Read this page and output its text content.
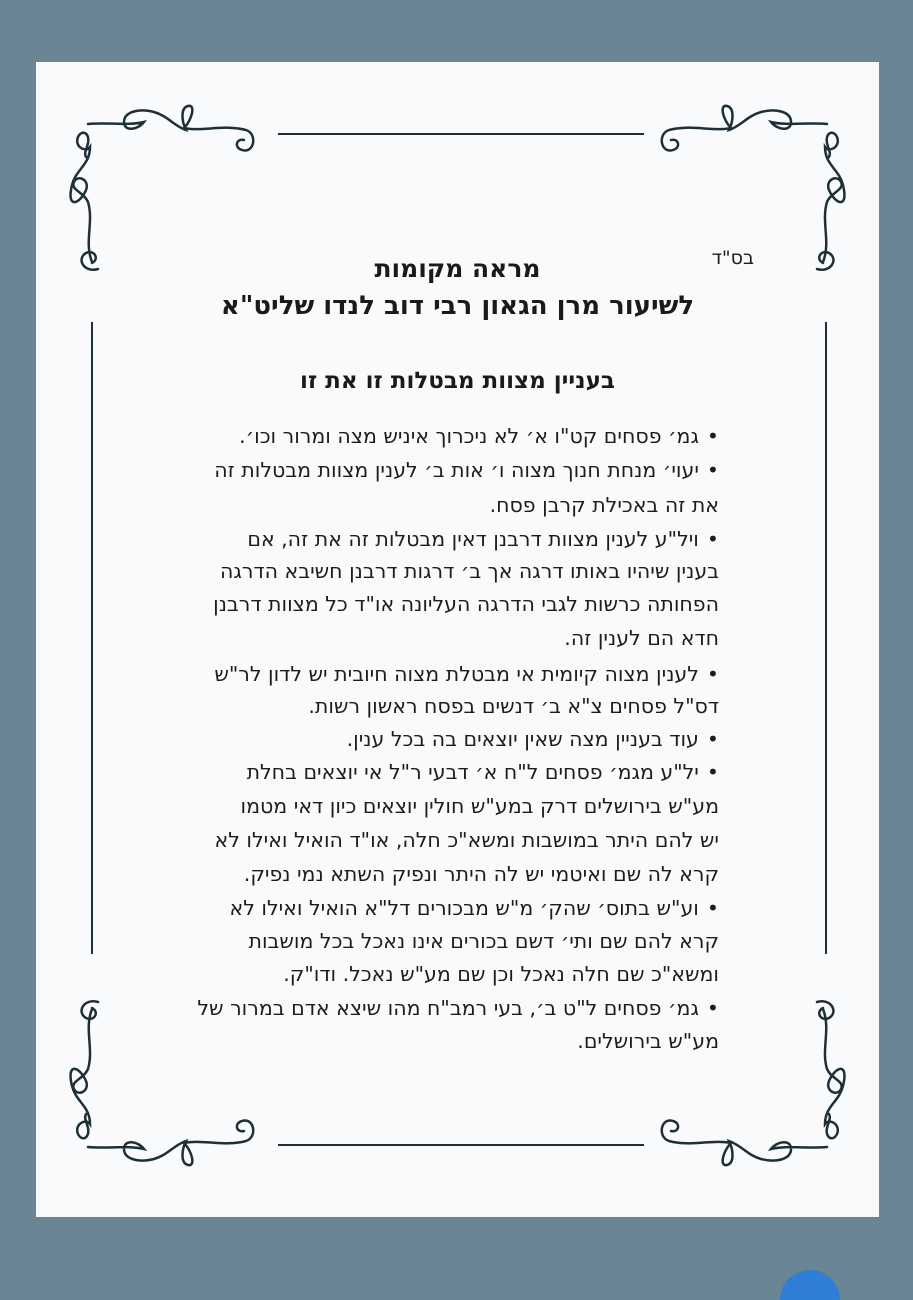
בס"ד
מראה מקומות
לשיעור מרן הגאון רבי דוב לנדו שליט"א
בעניין מצוות מבטלות זו את זו
•גמ׳ פסחים קט"ו א׳ לא ניכרוך איניש מצה ומרור וכו׳.
•יעוי׳ מנחת חנוך מצוה ו׳ אות ב׳ לענין מצוות מבטלות זה
את זה באכילת קרבן פסח.
•ויל"ע לענין מצוות דרבנן דאין מבטלות זה את זה, אם
בענין שיהיו באותו דרגה אך ב׳ דרגות דרבנן חשיבא הדרגה
הפחותה כרשות לגבי הדרגה העליונה או"ד כל מצוות דרבנן
חדא הם לענין זה.
•לענין מצוה קיומית אי מבטלת מצוה חיובית יש לדון לר"ש
דס"ל פסחים צ"א ב׳ דנשים בפסח ראשון רשות.
•עוד בעניין מצה שאין יוצאים בה בכל ענין.
•יל"ע מגמ׳ פסחים ל"ח א׳ דבעי ר"ל אי יוצאים בחלת
מע"ש בירושלים דרק במע"ש חולין יוצאים כיון דאי מטמו
יש להם היתר במושבות ומשא"כ חלה, או"ד הואיל ואילו לא
קרא לה שם ואיטמי יש לה היתר ונפיק השתא נמי נפיק.
•וע"ש בתוס׳ שהק׳ מ"ש מבכורים דל"א הואיל ואילו לא
קרא להם שם ותי׳ דשם בכורים אינו נאכל בכל מושבות
ומשא"כ שם חלה נאכל וכן שם מע"ש נאכל. ודו"ק.
•גמ׳ פסחים ל"ט ב׳, בעי רמב"ח מהו שיצא אדם במרור של
מע"ש בירושלים.
